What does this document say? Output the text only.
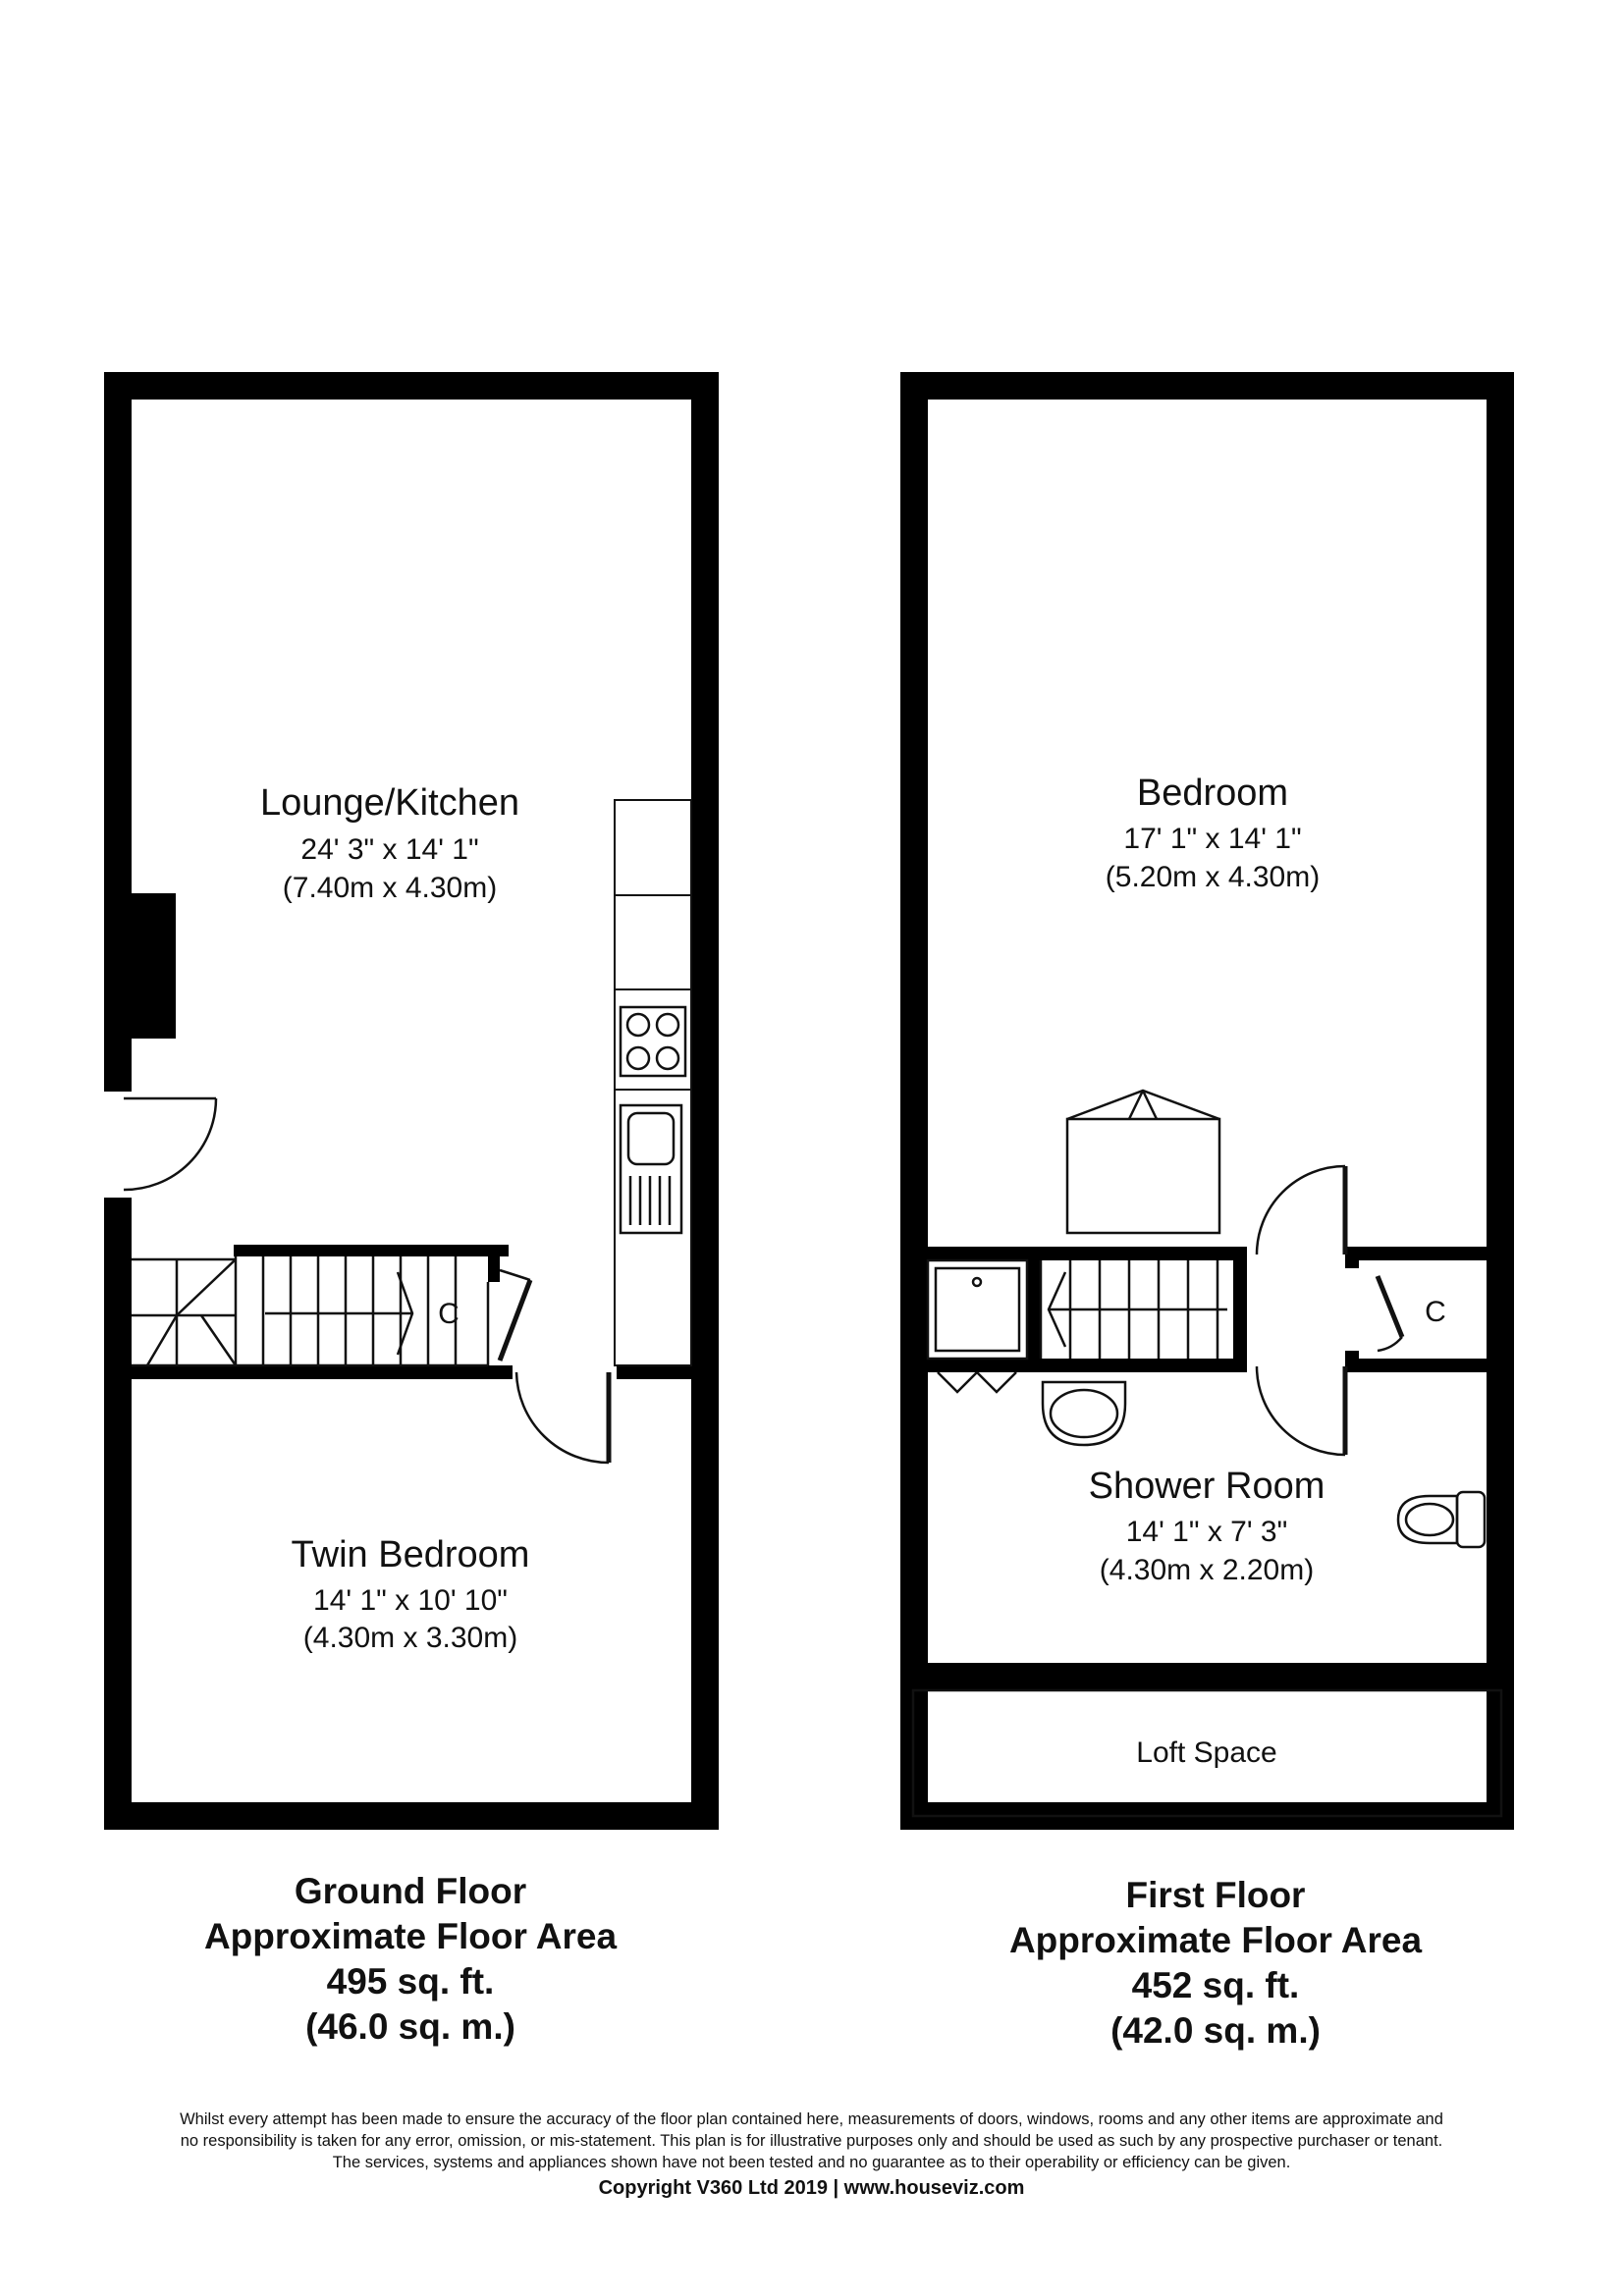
Lounge/Kitchen
24' 3" x 14' 1"
(7.40m x 4.30m)
Twin Bedroom
14' 1" x 10' 10"
(4.30m x 3.30m)
C
Bedroom
17' 1" x 14' 1"
(5.20m x 4.30m)
Shower Room
14' 1" x 7' 3"
(4.30m x 2.20m)
Loft Space
C
Ground Floor
Approximate Floor Area
495 sq. ft.
(46.0 sq. m.)
First Floor
Approximate Floor Area
452 sq. ft.
(42.0 sq. m.)
Whilst every attempt has been made to ensure the accuracy of the floor plan contained here, measurements of doors, windows, rooms and any other items are approximate and
no responsibility is taken for any error, omission, or mis-statement. This plan is for illustrative purposes only and should be used as such by any prospective purchaser or tenant.
The services, systems and appliances shown have not been tested and no guarantee as to their operability or efficiency can be given.
Copyright V360 Ltd 2019 | www.houseviz.com
